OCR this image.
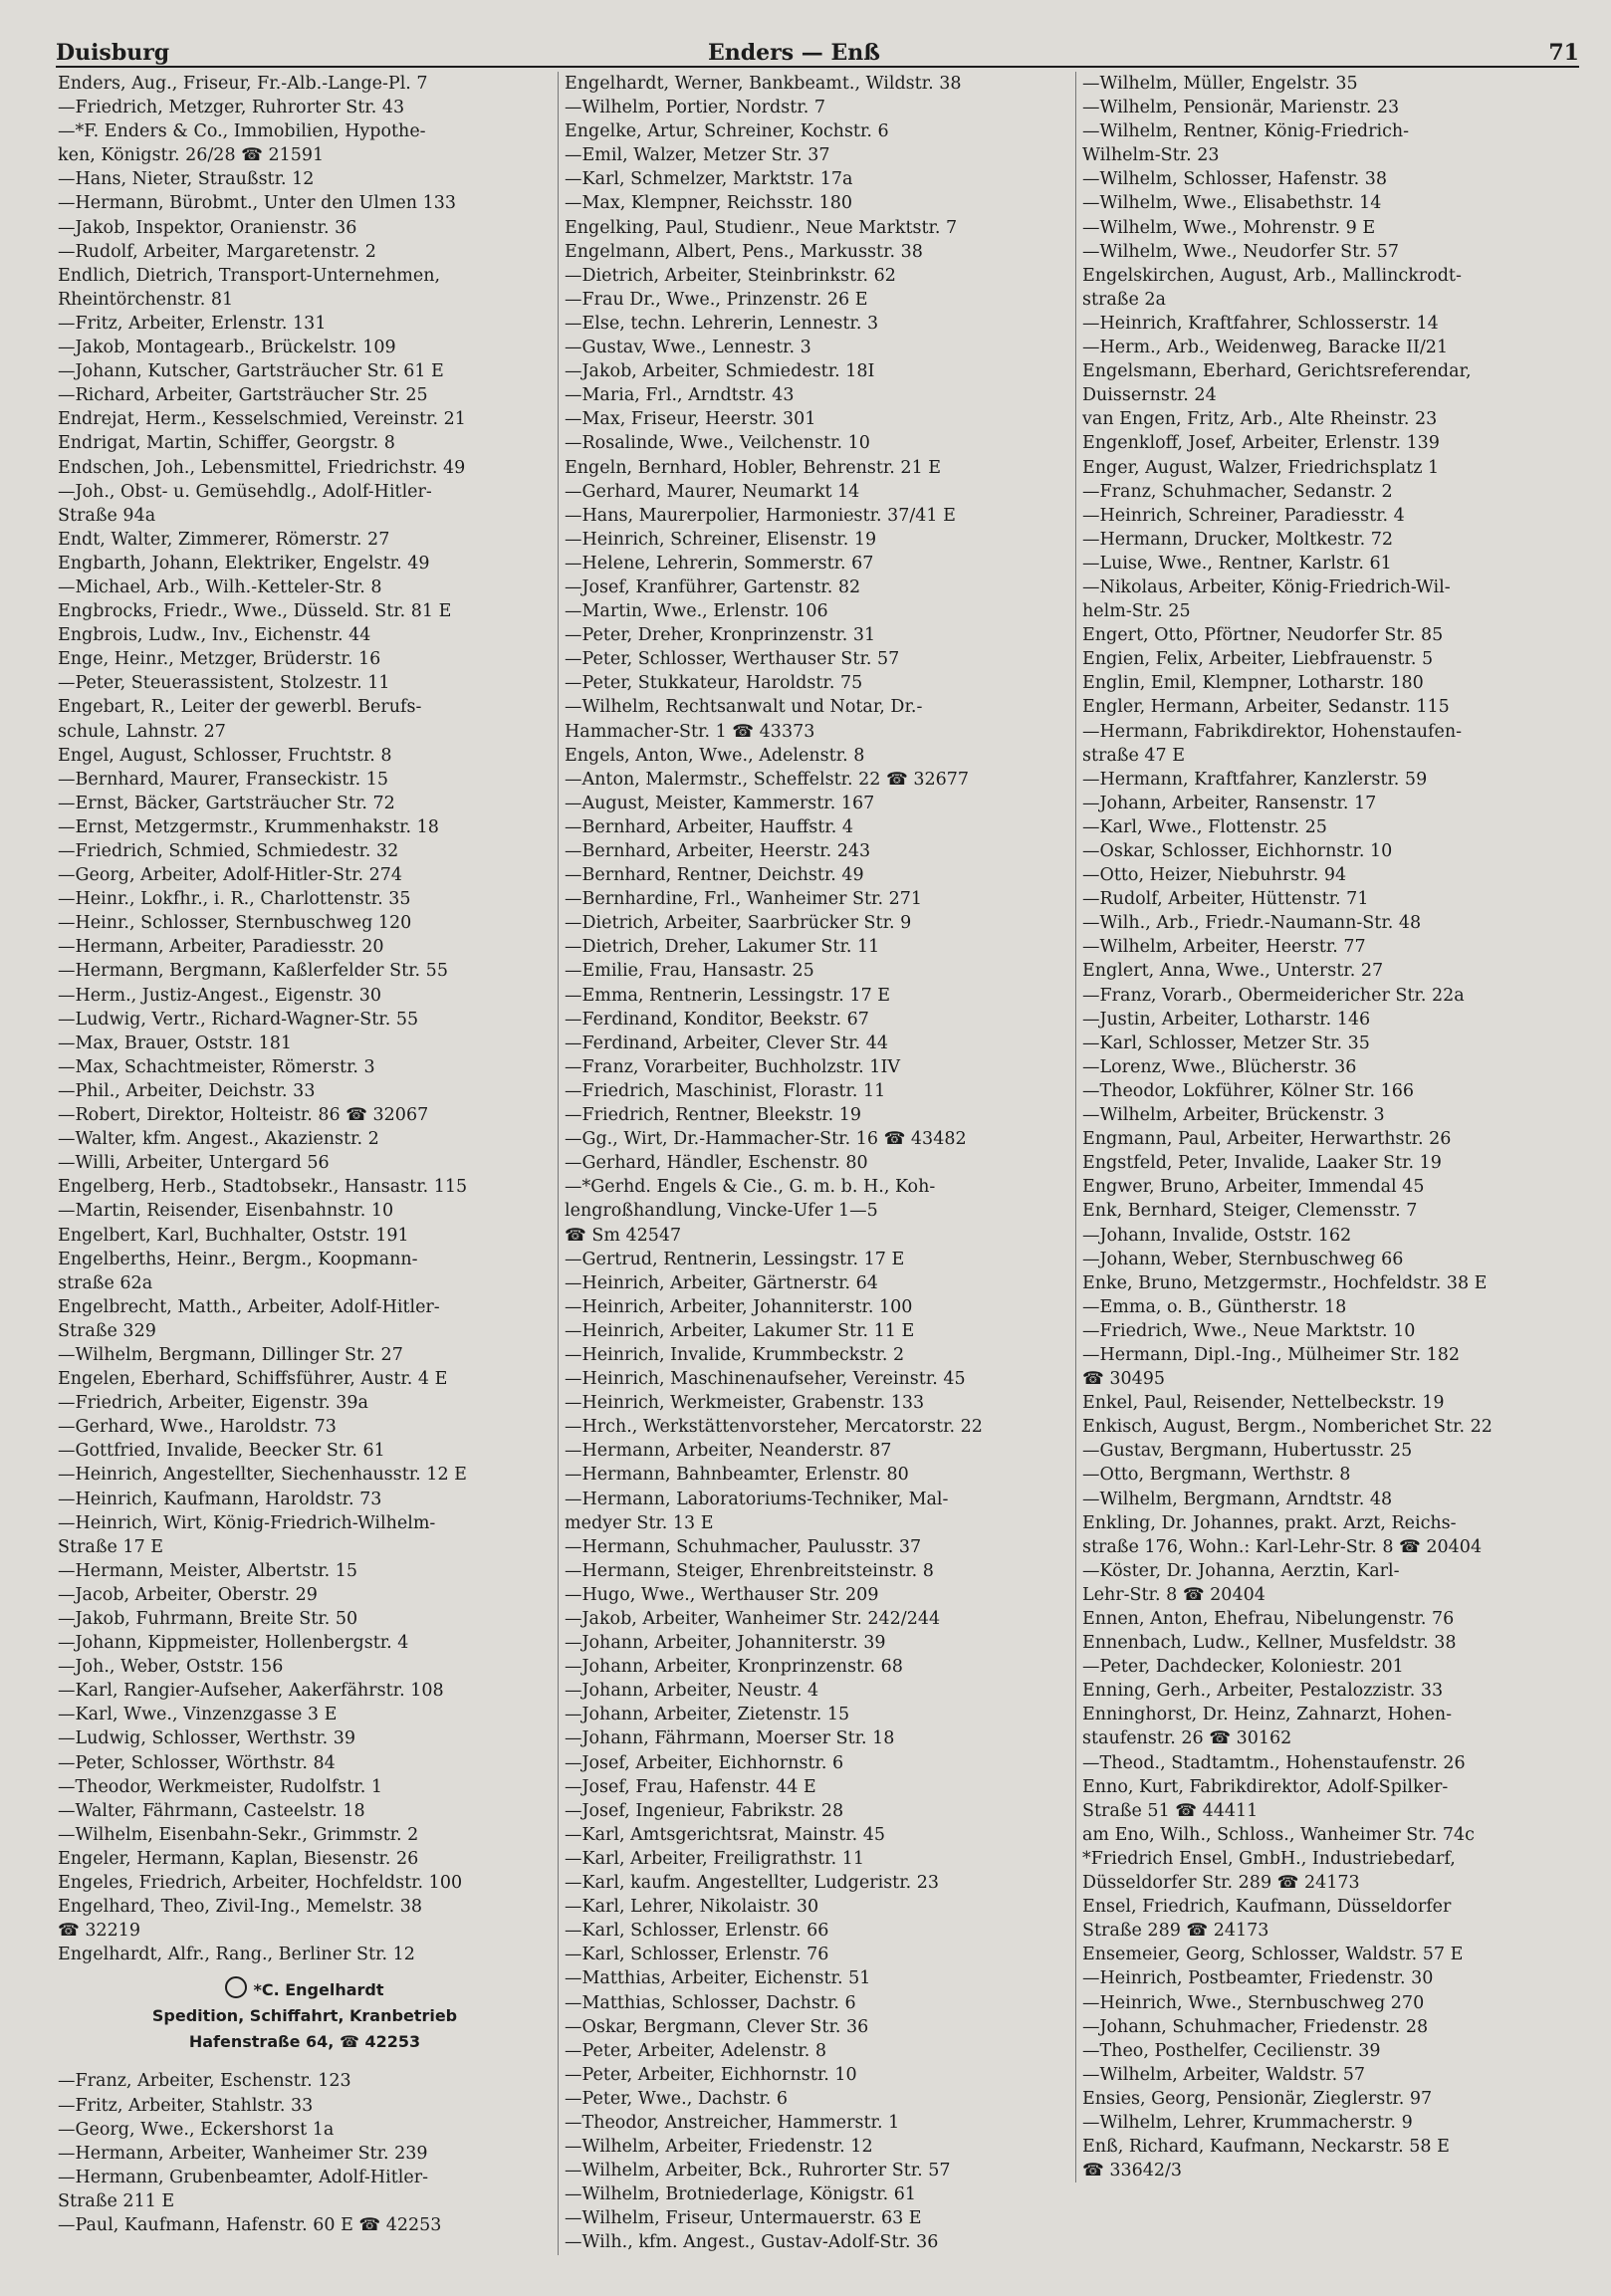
Duisburg	Enders — Enß	71
Enders, Aug., Friseur, Fr.-Alb.-Lange-Pl. 7
—Friedrich, Metzger, Ruhrorter Str. 43
—*F. Enders & Co., Immobilien, Hypothe-
ken, Königstr. 26/28 ☎ 21591
—Hans, Nieter, Straußstr. 12
—Hermann, Bürobmt., Unter den Ulmen 133
—Jakob, Inspektor, Oranienstr. 36
—Rudolf, Arbeiter, Margaretenstr. 2
Endlich, Dietrich, Transport-Unternehmen,
Rheintörchenstr. 81
—Fritz, Arbeiter, Erlenstr. 131
—Jakob, Montagearb., Brückelstr. 109
—Johann, Kutscher, Gartsträucher Str. 61 E
—Richard, Arbeiter, Gartsträucher Str. 25
Endrejat, Herm., Kesselschmied, Vereinstr. 21
Endrigat, Martin, Schiffer, Georgstr. 8
Endschen, Joh., Lebensmittel, Friedrichstr. 49
—Joh., Obst- u. Gemüsehdlg., Adolf-Hitler-
Straße 94a
Endt, Walter, Zimmerer, Römerstr. 27
Engbarth, Johann, Elektriker, Engelstr. 49
—Michael, Arb., Wilh.-Ketteler-Str. 8
Engbrocks, Friedr., Wwe., Düsseld. Str. 81 E
Engbrois, Ludw., Inv., Eichenstr. 44
Enge, Heinr., Metzger, Brüderstr. 16
—Peter, Steuerassistent, Stolzestr. 11
Engebart, R., Leiter der gewerbl. Berufs-
schule, Lahnstr. 27
Engel, August, Schlosser, Fruchtstr. 8
—Bernhard, Maurer, Franseckistr. 15
—Ernst, Bäcker, Gartsträucher Str. 72
—Ernst, Metzgermstr., Krummenhakstr. 18
—Friedrich, Schmied, Schmiedestr. 32
—Georg, Arbeiter, Adolf-Hitler-Str. 274
—Heinr., Lokfhr., i. R., Charlottenstr. 35
—Heinr., Schlosser, Sternbuschweg 120
—Hermann, Arbeiter, Paradiesstr. 20
—Hermann, Bergmann, Kaßlerfelder Str. 55
—Herm., Justiz-Angest., Eigenstr. 30
—Ludwig, Vertr., Richard-Wagner-Str. 55
—Max, Brauer, Oststr. 181
—Max, Schachtmeister, Römerstr. 3
—Phil., Arbeiter, Deichstr. 33
—Robert, Direktor, Holteistr. 86 ☎ 32067
—Walter, kfm. Angest., Akazienstr. 2
—Willi, Arbeiter, Untergard 56
Engelberg, Herb., Stadtobsekr., Hansastr. 115
—Martin, Reisender, Eisenbahnstr. 10
Engelbert, Karl, Buchhalter, Oststr. 191
Engelberths, Heinr., Bergm., Koopmann-
straße 62a
Engelbrecht, Matth., Arbeiter, Adolf-Hitler-
Straße 329
—Wilhelm, Bergmann, Dillinger Str. 27
Engelen, Eberhard, Schiffsführer, Austr. 4 E
—Friedrich, Arbeiter, Eigenstr. 39a
—Gerhard, Wwe., Haroldstr. 73
—Gottfried, Invalide, Beecker Str. 61
—Heinrich, Angestellter, Siechenhausstr. 12 E
—Heinrich, Kaufmann, Haroldstr. 73
—Heinrich, Wirt, König-Friedrich-Wilhelm-
Straße 17 E
—Hermann, Meister, Albertstr. 15
—Jacob, Arbeiter, Oberstr. 29
—Jakob, Fuhrmann, Breite Str. 50
—Johann, Kippmeister, Hollenbergstr. 4
—Joh., Weber, Oststr. 156
—Karl, Rangier-Aufseher, Aakerfährstr. 108
—Karl, Wwe., Vinzenzgasse 3 E
—Ludwig, Schlosser, Werthstr. 39
—Peter, Schlosser, Wörthstr. 84
—Theodor, Werkmeister, Rudolfstr. 1
—Walter, Fährmann, Casteelstr. 18
—Wilhelm, Eisenbahn-Sekr., Grimmstr. 2
Engeler, Hermann, Kaplan, Biesenstr. 26
Engeles, Friedrich, Arbeiter, Hochfeldstr. 100
Engelhard, Theo, Zivil-Ing., Memelstr. 38
☎ 32219
Engelhardt, Alfr., Rang., Berliner Str. 12
*C. Engelhardt
Spedition, Schiffahrt, Kranbetrieb
Hafenstraße 64, ☎ 42253
—Franz, Arbeiter, Eschenstr. 123
—Fritz, Arbeiter, Stahlstr. 33
—Georg, Wwe., Eckershorst 1a
—Hermann, Arbeiter, Wanheimer Str. 239
—Hermann, Grubenbeamter, Adolf-Hitler-
Straße 211 E
—Paul, Kaufmann, Hafenstr. 60 E ☎ 42253
Engelhardt, Werner, Bankbeamt., Wildstr. 38
—Wilhelm, Portier, Nordstr. 7
Engelke, Artur, Schreiner, Kochstr. 6
—Emil, Walzer, Metzer Str. 37
—Karl, Schmelzer, Marktstr. 17a
—Max, Klempner, Reichsstr. 180
Engelking, Paul, Studienr., Neue Marktstr. 7
Engelmann, Albert, Pens., Markusstr. 38
—Dietrich, Arbeiter, Steinbrinkstr. 62
—Frau Dr., Wwe., Prinzenstr. 26 E
—Else, techn. Lehrerin, Lennestr. 3
—Gustav, Wwe., Lennestr. 3
—Jakob, Arbeiter, Schmiedestr. 18I
—Maria, Frl., Arndtstr. 43
—Max, Friseur, Heerstr. 301
—Rosalinde, Wwe., Veilchenstr. 10
Engeln, Bernhard, Hobler, Behrenstr. 21 E
—Gerhard, Maurer, Neumarkt 14
—Hans, Maurerpolier, Harmoniestr. 37/41 E
—Heinrich, Schreiner, Elisenstr. 19
—Helene, Lehrerin, Sommerstr. 67
—Josef, Kranführer, Gartenstr. 82
—Martin, Wwe., Erlenstr. 106
—Peter, Dreher, Kronprinzenstr. 31
—Peter, Schlosser, Werthauser Str. 57
—Peter, Stukkateur, Haroldstr. 75
—Wilhelm, Rechtsanwalt und Notar, Dr.-
Hammacher-Str. 1 ☎ 43373
Engels, Anton, Wwe., Adelenstr. 8
—Anton, Malermstr., Scheffelstr. 22 ☎ 32677
—August, Meister, Kammerstr. 167
—Bernhard, Arbeiter, Hauffstr. 4
—Bernhard, Arbeiter, Heerstr. 243
—Bernhard, Rentner, Deichstr. 49
—Bernhardine, Frl., Wanheimer Str. 271
—Dietrich, Arbeiter, Saarbrücker Str. 9
—Dietrich, Dreher, Lakumer Str. 11
—Emilie, Frau, Hansastr. 25
—Emma, Rentnerin, Lessingstr. 17 E
—Ferdinand, Konditor, Beekstr. 67
—Ferdinand, Arbeiter, Clever Str. 44
—Franz, Vorarbeiter, Buchholzstr. 1IV
—Friedrich, Maschinist, Florastr. 11
—Friedrich, Rentner, Bleekstr. 19
—Gg., Wirt, Dr.-Hammacher-Str. 16 ☎ 43482
—Gerhard, Händler, Eschenstr. 80
—*Gerhd. Engels & Cie., G. m. b. H., Koh-
lengroßhandlung, Vincke-Ufer 1—5
☎ Sm 42547
—Gertrud, Rentnerin, Lessingstr. 17 E
—Heinrich, Arbeiter, Gärtnerstr. 64
—Heinrich, Arbeiter, Johanniterstr. 100
—Heinrich, Arbeiter, Lakumer Str. 11 E
—Heinrich, Invalide, Krummbeckstr. 2
—Heinrich, Maschinenaufseher, Vereinstr. 45
—Heinrich, Werkmeister, Grabenstr. 133
—Hrch., Werkstättenvorsteher, Mercatorstr. 22
—Hermann, Arbeiter, Neanderstr. 87
—Hermann, Bahnbeamter, Erlenstr. 80
—Hermann, Laboratoriums-Techniker, Mal-
medyer Str. 13 E
—Hermann, Schuhmacher, Paulusstr. 37
—Hermann, Steiger, Ehrenbreitsteinstr. 8
—Hugo, Wwe., Werthauser Str. 209
—Jakob, Arbeiter, Wanheimer Str. 242/244
—Johann, Arbeiter, Johanniterstr. 39
—Johann, Arbeiter, Kronprinzenstr. 68
—Johann, Arbeiter, Neustr. 4
—Johann, Arbeiter, Zietenstr. 15
—Johann, Fährmann, Moerser Str. 18
—Josef, Arbeiter, Eichhornstr. 6
—Josef, Frau, Hafenstr. 44 E
—Josef, Ingenieur, Fabrikstr. 28
—Karl, Amtsgerichtsrat, Mainstr. 45
—Karl, Arbeiter, Freiligrathstr. 11
—Karl, kaufm. Angestellter, Ludgeristr. 23
—Karl, Lehrer, Nikolaistr. 30
—Karl, Schlosser, Erlenstr. 66
—Karl, Schlosser, Erlenstr. 76
—Matthias, Arbeiter, Eichenstr. 51
—Matthias, Schlosser, Dachstr. 6
—Oskar, Bergmann, Clever Str. 36
—Peter, Arbeiter, Adelenstr. 8
—Peter, Arbeiter, Eichhornstr. 10
—Peter, Wwe., Dachstr. 6
—Theodor, Anstreicher, Hammerstr. 1
—Wilhelm, Arbeiter, Friedenstr. 12
—Wilhelm, Arbeiter, Bck., Ruhrorter Str. 57
—Wilhelm, Brotniederlage, Königstr. 61
—Wilhelm, Friseur, Untermauerstr. 63 E
—Wilh., kfm. Angest., Gustav-Adolf-Str. 36
—Wilhelm, Müller, Engelstr. 35
—Wilhelm, Pensionär, Marienstr. 23
—Wilhelm, Rentner, König-Friedrich-
Wilhelm-Str. 23
—Wilhelm, Schlosser, Hafenstr. 38
—Wilhelm, Wwe., Elisabethstr. 14
—Wilhelm, Wwe., Mohrenstr. 9 E
—Wilhelm, Wwe., Neudorfer Str. 57
Engelskirchen, August, Arb., Mallinckrodt-
straße 2a
—Heinrich, Kraftfahrer, Schlosserstr. 14
—Herm., Arb., Weidenweg, Baracke II/21
Engelsmann, Eberhard, Gerichtsreferendar,
Duissernstr. 24
van Engen, Fritz, Arb., Alte Rheinstr. 23
Engenkloff, Josef, Arbeiter, Erlenstr. 139
Enger, August, Walzer, Friedrichsplatz 1
—Franz, Schuhmacher, Sedanstr. 2
—Heinrich, Schreiner, Paradiesstr. 4
—Hermann, Drucker, Moltkestr. 72
—Luise, Wwe., Rentner, Karlstr. 61
—Nikolaus, Arbeiter, König-Friedrich-Wil-
helm-Str. 25
Engert, Otto, Pförtner, Neudorfer Str. 85
Engien, Felix, Arbeiter, Liebfrauenstr. 5
Englin, Emil, Klempner, Lotharstr. 180
Engler, Hermann, Arbeiter, Sedanstr. 115
—Hermann, Fabrikdirektor, Hohenstaufen-
straße 47 E
—Hermann, Kraftfahrer, Kanzlerstr. 59
—Johann, Arbeiter, Ransenstr. 17
—Karl, Wwe., Flottenstr. 25
—Oskar, Schlosser, Eichhornstr. 10
—Otto, Heizer, Niebuhrstr. 94
—Rudolf, Arbeiter, Hüttenstr. 71
—Wilh., Arb., Friedr.-Naumann-Str. 48
—Wilhelm, Arbeiter, Heerstr. 77
Englert, Anna, Wwe., Unterstr. 27
—Franz, Vorarb., Obermeidericher Str. 22a
—Justin, Arbeiter, Lotharstr. 146
—Karl, Schlosser, Metzer Str. 35
—Lorenz, Wwe., Blücherstr. 36
—Theodor, Lokführer, Kölner Str. 166
—Wilhelm, Arbeiter, Brückenstr. 3
Engmann, Paul, Arbeiter, Herwarthstr. 26
Engstfeld, Peter, Invalide, Laaker Str. 19
Engwer, Bruno, Arbeiter, Immendal 45
Enk, Bernhard, Steiger, Clemensstr. 7
—Johann, Invalide, Oststr. 162
—Johann, Weber, Sternbuschweg 66
Enke, Bruno, Metzgermstr., Hochfeldstr. 38 E
—Emma, o. B., Güntherstr. 18
—Friedrich, Wwe., Neue Marktstr. 10
—Hermann, Dipl.-Ing., Mülheimer Str. 182
☎ 30495
Enkel, Paul, Reisender, Nettelbeckstr. 19
Enkisch, August, Bergm., Nomberichet Str. 22
—Gustav, Bergmann, Hubertusstr. 25
—Otto, Bergmann, Werthstr. 8
—Wilhelm, Bergmann, Arndtstr. 48
Enkling, Dr. Johannes, prakt. Arzt, Reichs-
straße 176, Wohn.: Karl-Lehr-Str. 8 ☎ 20404
—Köster, Dr. Johanna, Aerztin, Karl-
Lehr-Str. 8 ☎ 20404
Ennen, Anton, Ehefrau, Nibelungenstr. 76
Ennenbach, Ludw., Kellner, Musfeldstr. 38
—Peter, Dachdecker, Koloniestr. 201
Enning, Gerh., Arbeiter, Pestalozzistr. 33
Enninghorst, Dr. Heinz, Zahnarzt, Hohen-
staufenstr. 26 ☎ 30162
—Theod., Stadtamtm., Hohenstaufenstr. 26
Enno, Kurt, Fabrikdirektor, Adolf-Spilker-
Straße 51 ☎ 44411
am Eno, Wilh., Schloss., Wanheimer Str. 74c
*Friedrich Ensel, GmbH., Industriebedarf,
Düsseldorfer Str. 289 ☎ 24173
Ensel, Friedrich, Kaufmann, Düsseldorfer
Straße 289 ☎ 24173
Ensemeier, Georg, Schlosser, Waldstr. 57 E
—Heinrich, Postbeamter, Friedenstr. 30
—Heinrich, Wwe., Sternbuschweg 270
—Johann, Schuhmacher, Friedenstr. 28
—Theo, Posthelfer, Cecilienstr. 39
—Wilhelm, Arbeiter, Waldstr. 57
Ensies, Georg, Pensionär, Zieglerstr. 97
—Wilhelm, Lehrer, Krummacherstr. 9
Enß, Richard, Kaufmann, Neckarstr. 58 E
☎ 33642/3
